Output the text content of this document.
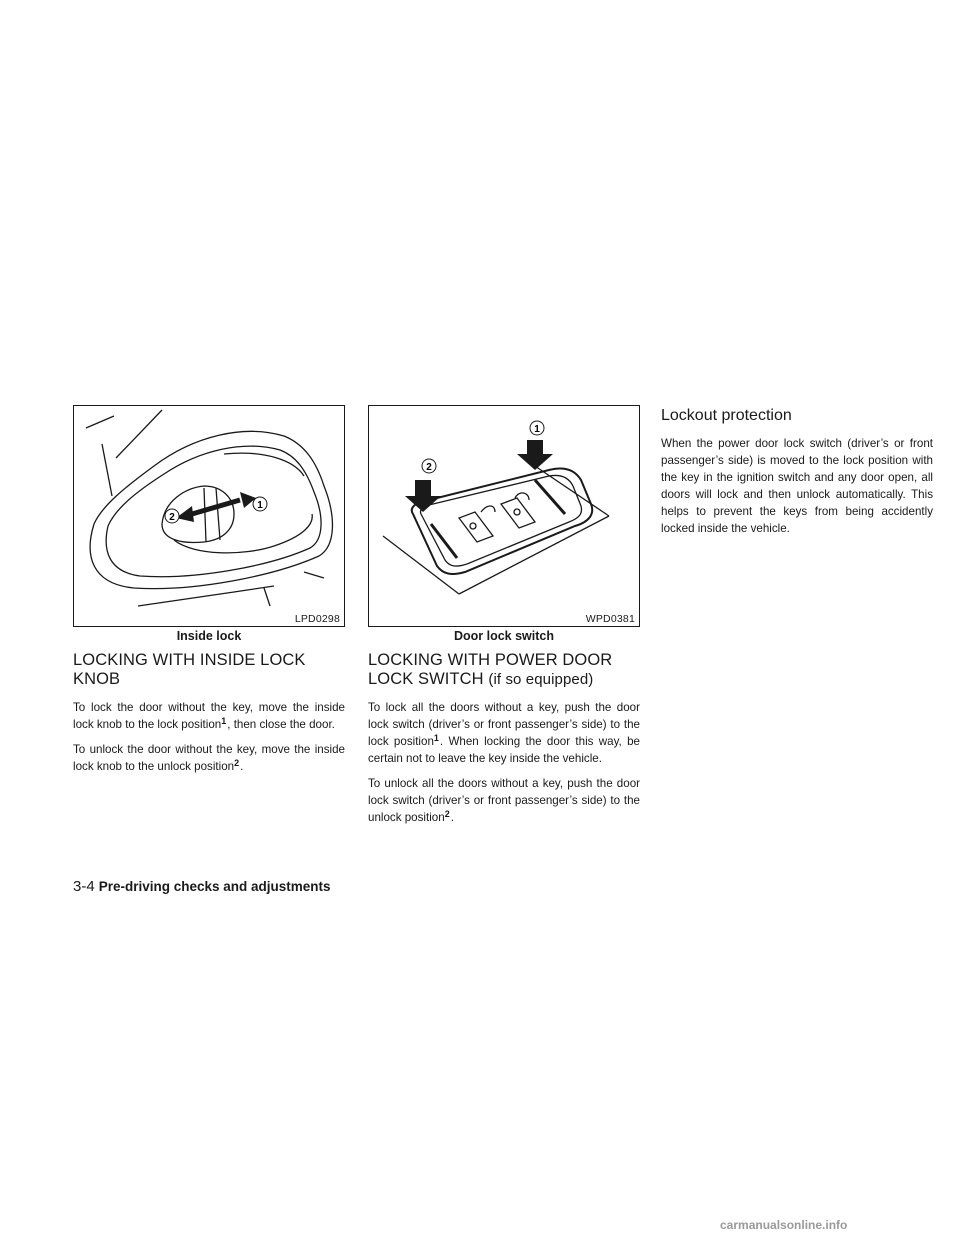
1
2
LPD0298
Inside lock
LOCKING WITH INSIDE LOCK
KNOB

To lock the door without the key, move the inside lock knob to the lock position1, then close the door.

To unlock the door without the key, move the inside lock knob to the unlock position2.

2
1
WPD0381
Door lock switch
LOCKING WITH POWER DOOR
LOCK SWITCH (if so equipped)

To lock all the doors without a key, push the door lock switch (driver’s or front passenger’s side) to the lock position1. When locking the door this way, be certain not to leave the key inside the vehicle.

To unlock all the doors without a key, push the door lock switch (driver’s or front passenger’s side) to the unlock position2.

Lockout protection

When the power door lock switch (driver’s or front passenger’s side) is moved to the lock position with the key in the ignition switch and any door open, all doors will lock and then unlock automatically. This helps to prevent the keys from being accidently locked inside the vehicle.

3-4 Pre-driving checks and adjustments
carmanualsonline.info
